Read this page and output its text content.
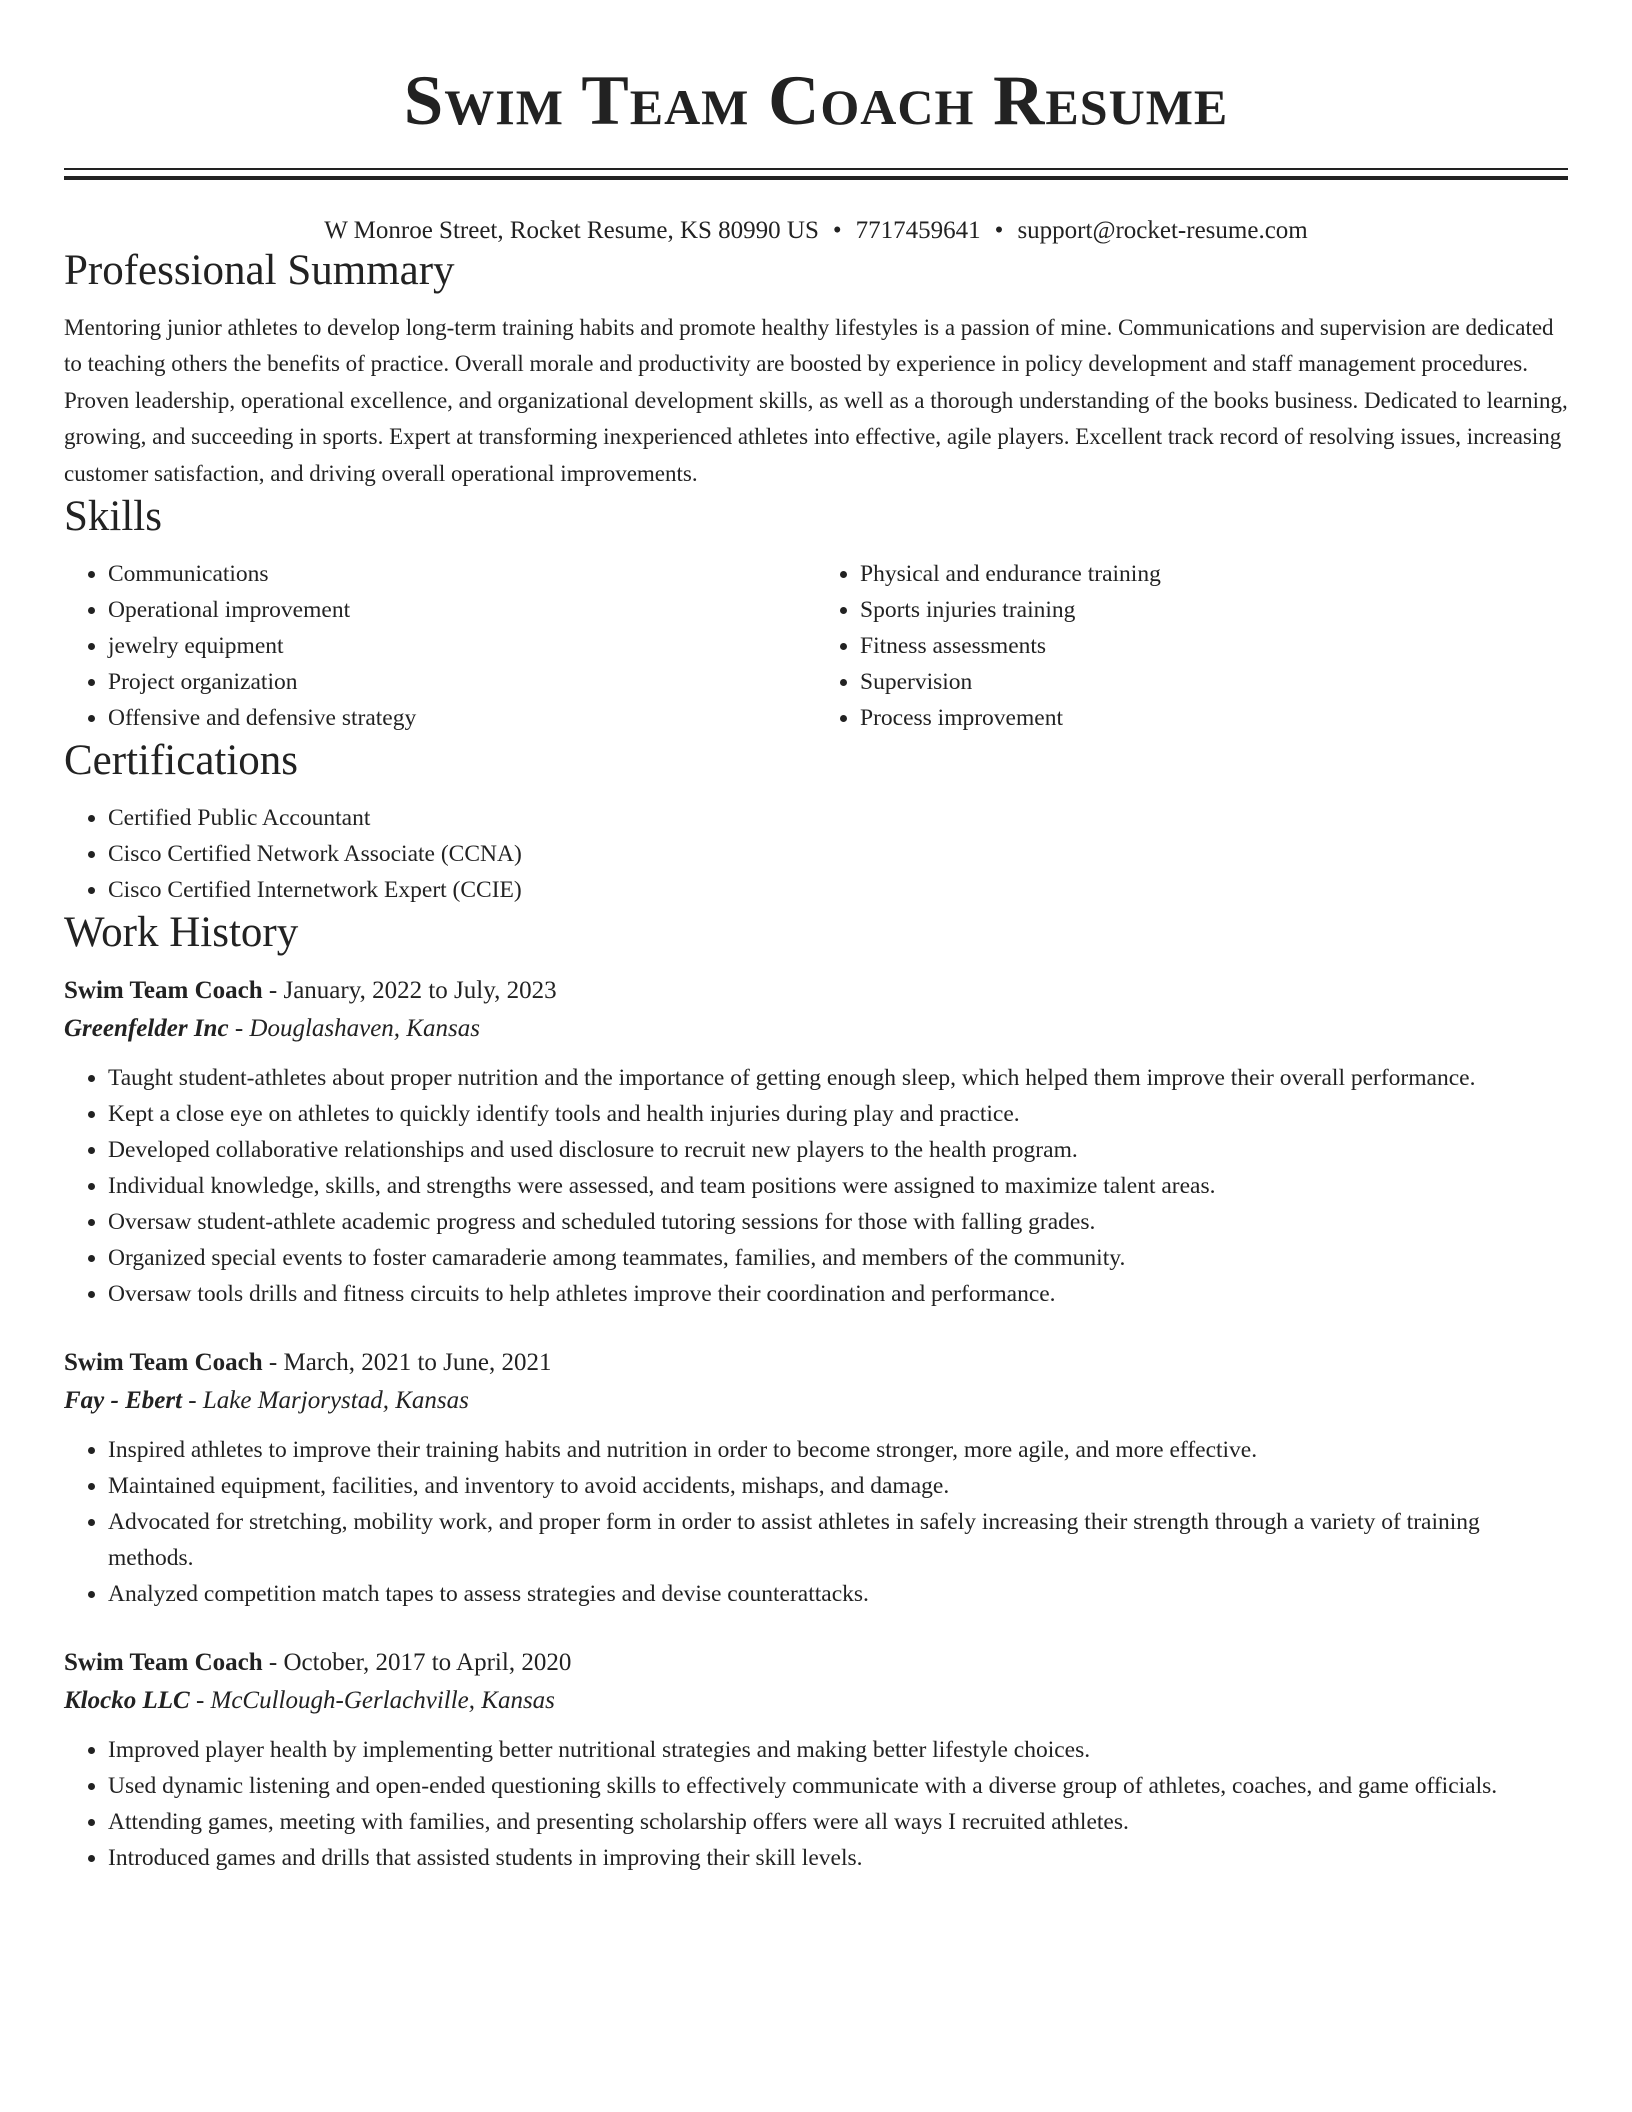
Swim Team Coach Resume
W Monroe Street, Rocket Resume, KS 80990 US • 7717459641 • support@rocket-resume.com
Professional Summary

Mentoring junior athletes to develop long-term training habits and promote healthy lifestyles is a passion of mine. Communications and supervision are dedicated to teaching others the benefits of practice. Overall morale and productivity are boosted by experience in policy development and staff management procedures. Proven leadership, operational excellence, and organizational development skills, as well as a thorough understanding of the books business. Dedicated to learning, growing, and succeeding in sports. Expert at transforming inexperienced athletes into effective, agile players. Excellent track record of resolving issues, increasing customer satisfaction, and driving overall operational improvements.

Skills
• Communications
• Operational improvement
• jewelry equipment
• Project organization
• Offensive and defensive strategy
• Physical and endurance training
• Sports injuries training
• Fitness assessments
• Supervision
• Process improvement
Certifications
• Certified Public Accountant
• Cisco Certified Network Associate (CCNA)
• Cisco Certified Internetwork Expert (CCIE)
Work History
Swim Team Coach - January, 2022 to July, 2023
Greenfelder Inc - Douglashaven, Kansas
• Taught student-athletes about proper nutrition and the importance of getting enough sleep, which helped them improve their overall performance.
• Kept a close eye on athletes to quickly identify tools and health injuries during play and practice.
• Developed collaborative relationships and used disclosure to recruit new players to the health program.
• Individual knowledge, skills, and strengths were assessed, and team positions were assigned to maximize talent areas.
• Oversaw student-athlete academic progress and scheduled tutoring sessions for those with falling grades.
• Organized special events to foster camaraderie among teammates, families, and members of the community.
• Oversaw tools drills and fitness circuits to help athletes improve their coordination and performance.
Swim Team Coach - March, 2021 to June, 2021
Fay - Ebert - Lake Marjorystad, Kansas
• Inspired athletes to improve their training habits and nutrition in order to become stronger, more agile, and more effective.
• Maintained equipment, facilities, and inventory to avoid accidents, mishaps, and damage.
• Advocated for stretching, mobility work, and proper form in order to assist athletes in safely increasing their strength through a variety of training methods.
• Analyzed competition match tapes to assess strategies and devise counterattacks.
Swim Team Coach - October, 2017 to April, 2020
Klocko LLC - McCullough-Gerlachville, Kansas
• Improved player health by implementing better nutritional strategies and making better lifestyle choices.
• Used dynamic listening and open-ended questioning skills to effectively communicate with a diverse group of athletes, coaches, and game officials.
• Attending games, meeting with families, and presenting scholarship offers were all ways I recruited athletes.
• Introduced games and drills that assisted students in improving their skill levels.
